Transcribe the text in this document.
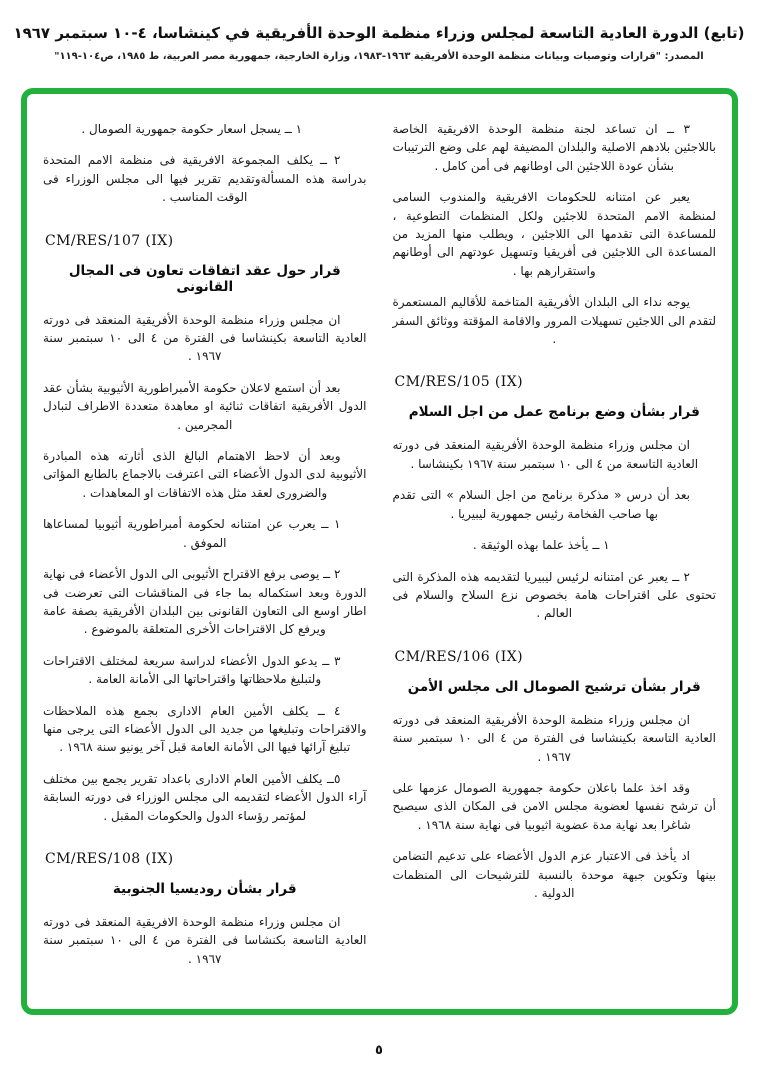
(تابع) الدورة العادية التاسعة لمجلس وزراء منظمة الوحدة الأفريقية في كينشاسا، ٤-١٠ سبتمبر ١٩٦٧
المصدر: "قرارات وتوصيات وبيانات منظمة الوحدة الأفريقية ١٩٦٣-١٩٨٣، وزارة الخارجية، جمهورية مصر العربية، ط ١٩٨٥، ص١٠٤-١١٩"
٣ ــ ان تساعد لجنة منظمة الوحدة الافريقية الخاصة باللاجئين بلادهم الاصلية والبلدان المضيفة لهم على وضع الترتيبات بشأن عودة اللاجئين الى اوطانهم فى أمن كامل .
يعبر عن امتنانه للحكومات الافريقية والمندوب السامى لمنظمة الامم المتحدة للاجئين ولكل المنظمات التطوعية ، للمساعدة التى تقدمها الى اللاجئين ، ويطلب منها المزيد من المساعدة الى اللاجئين فى أفريقيا وتسهيل عودتهم الى أوطانهم واستقرارهم بها .
يوجه نداء الى البلدان الأفريقية المتاخمة للأقاليم المستعمرة لتقدم الى اللاجئين تسهيلات المرور والاقامة المؤقتة ووثائق السفر .
CM/RES/105 (IX)
قرار بشأن وضع برنامج عمل من اجل السلام
ان مجلس وزراء منظمة الوحدة الأفريقية المنعقد فى دورته العادية التاسعة من ٤ الى ١٠ سبتمبر سنة ١٩٦٧ بكينشاسا .
بعد أن درس « مذكرة برنامج من اجل السلام » التى تقدم بها صاحب الفخامة رئيس جمهورية ليبيريا .
١ ــ يأخذ علما بهذه الوثيقة .
٢ ــ يعبر عن امتنانه لرئيس ليبيريا لتقديمه هذه المذكرة التى تحتوى على اقتراحات هامة بخصوص نزع السلاح والسلام فى العالم .
CM/RES/106 (IX)
قرار بشأن ترشيح الصومال الى مجلس الأمن
ان مجلس وزراء منظمة الوحدة الأفريقية المنعقد فى دورته العادية التاسعة بكينشاسا فى الفترة من ٤ الى ١٠ سبتمبر سنة ١٩٦٧ .
وقد اخذ علما باعلان حكومة جمهورية الصومال عزمها على أن ترشح نفسها لعضوية مجلس الامن فى المكان الذى سيصبح شاغرا بعد نهاية مدة عضوية اثيوبيا فى نهاية سنة ١٩٦٨ .
اد يأخذ فى الاعتبار عزم الدول الأعضاء على تدعيم التضامن بينها وتكوين جبهة موحدة بالنسبة للترشيحات الى المنظمات الدولية .
١ ــ يسجل اسعار حكومة جمهورية الصومال .
٢ ــ يكلف المجموعة الافريقية فى منظمة الامم المتحدة بدراسة هذه المسألةوتقديم تقرير فيها الى مجلس الوزراء فى الوقت المناسب .
CM/RES/107 (IX)
قرار حول عقد اتفاقات تعاون فى المجال القانونى
ان مجلس وزراء منظمة الوحدة الأفريقية المنعقد فى دورته العادية التاسعة بكينشاسا فى الفترة من ٤ الى ١٠ سبتمبر سنة ١٩٦٧ .
بعد أن استمع لاعلان حكومة الأمبراطورية الأثيوبية بشأن عقد الدول الأفريقية اتفاقات ثنائية او معاهدة متعددة الاطراف لتبادل المجرمين .
وبعد أن لاحظ الاهتمام البالغ الذى أثارته هذه المبادرة الأثيوبية لدى الدول الأعضاء التى اعترفت بالاجماع بالطابع المؤاتى والضرورى لعقد مثل هذه الاتفاقات او المعاهدات .
١ ــ يعرب عن امتنانه لحكومة أمبراطورية أثيوبيا لمساعاها الموفق .
٢ ــ يوصى برفع الاقتراح الأثيوبى الى الدول الأعضاء فى نهاية الدورة وبعد استكماله بما جاء فى المناقشات التى تعرضت فى اطار اوسع الى التعاون القانونى بين البلدان الأفريقية بصفة عامة ويرفع كل الاقتراحات الأخرى المتعلقة بالموضوع .
٣ ــ يدعو الدول الأعضاء لدراسة سريعة لمختلف الاقتراحات ولتبليغ ملاحظاتها واقتراحاتها الى الأمانة العامة .
٤ ــ يكلف الأمين العام الادارى بجمع هذه الملاحظات والاقتراحات وتبليغها من جديد الى الدول الأعضاء التى يرجى منها تبليغ آرائها فيها الى الأمانة العامة قبل آخر يونيو سنة ١٩٦٨ .
٥ــ يكلف الأمين العام الادارى باعداد تقرير يجمع بين مختلف آراء الدول الأعضاء لتقديمه الى مجلس الوزراء فى دورته السابقة لمؤتمر رؤساء الدول والحكومات المقبل .
CM/RES/108 (IX)
قرار بشأن روديسيا الجنوبية
ان مجلس وزراء منظمة الوحدة الافريقية المنعقد فى دورته العادية التاسعة بكنشاسا فى الفترة من ٤ الى ١٠ سبتمبر سنة ١٩٦٧ .
٥
